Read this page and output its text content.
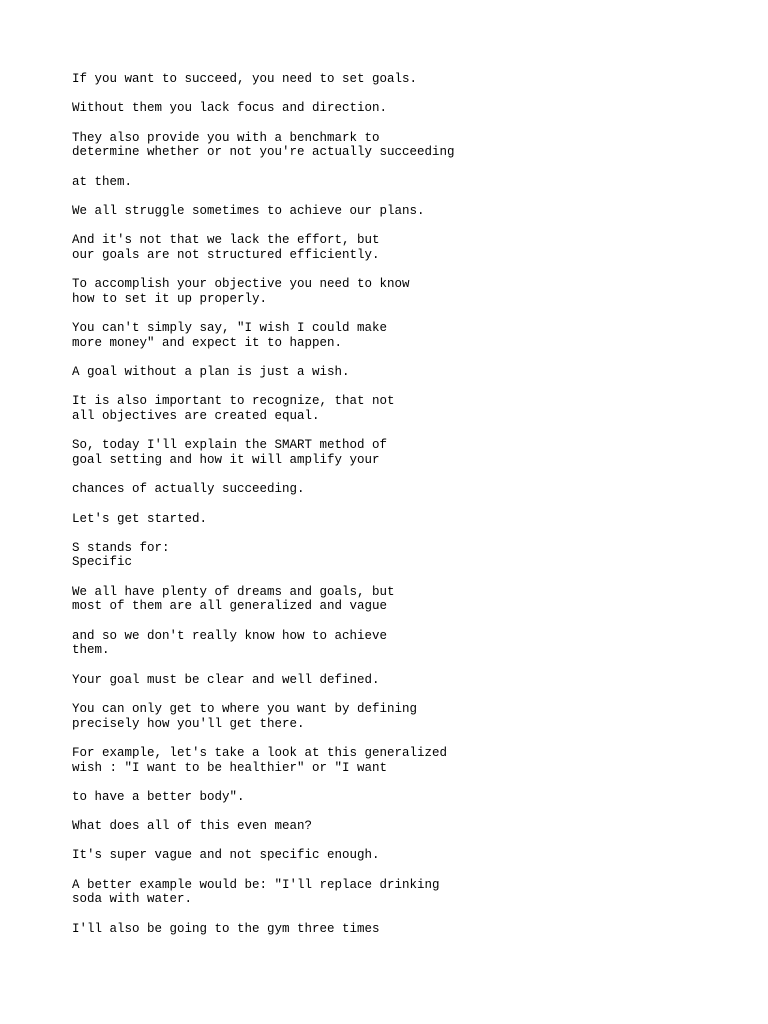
If you want to succeed, you need to set goals.
Without them you lack focus and direction.
They also provide you with a benchmark to
determine whether or not you're actually succeeding
at them.
We all struggle sometimes to achieve our plans.
And it's not that we lack the effort, but
our goals are not structured efficiently.
To accomplish your objective you need to know
how to set it up properly.
You can't simply say, "I wish I could make
more money" and expect it to happen.
A goal without a plan is just a wish.
It is also important to recognize, that not
all objectives are created equal.
So, today I'll explain the SMART method of
goal setting and how it will amplify your
chances of actually succeeding.
Let's get started.
S stands for:
Specific
We all have plenty of dreams and goals, but
most of them are all generalized and vague
and so we don't really know how to achieve
them.
Your goal must be clear and well defined.
You can only get to where you want by defining
precisely how you'll get there.
For example, let's take a look at this generalized
wish : "I want to be healthier" or "I want
to have a better body".
What does all of this even mean?
It's super vague and not specific enough.
A better example would be: "I'll replace drinking
soda with water.
I'll also be going to the gym three times
